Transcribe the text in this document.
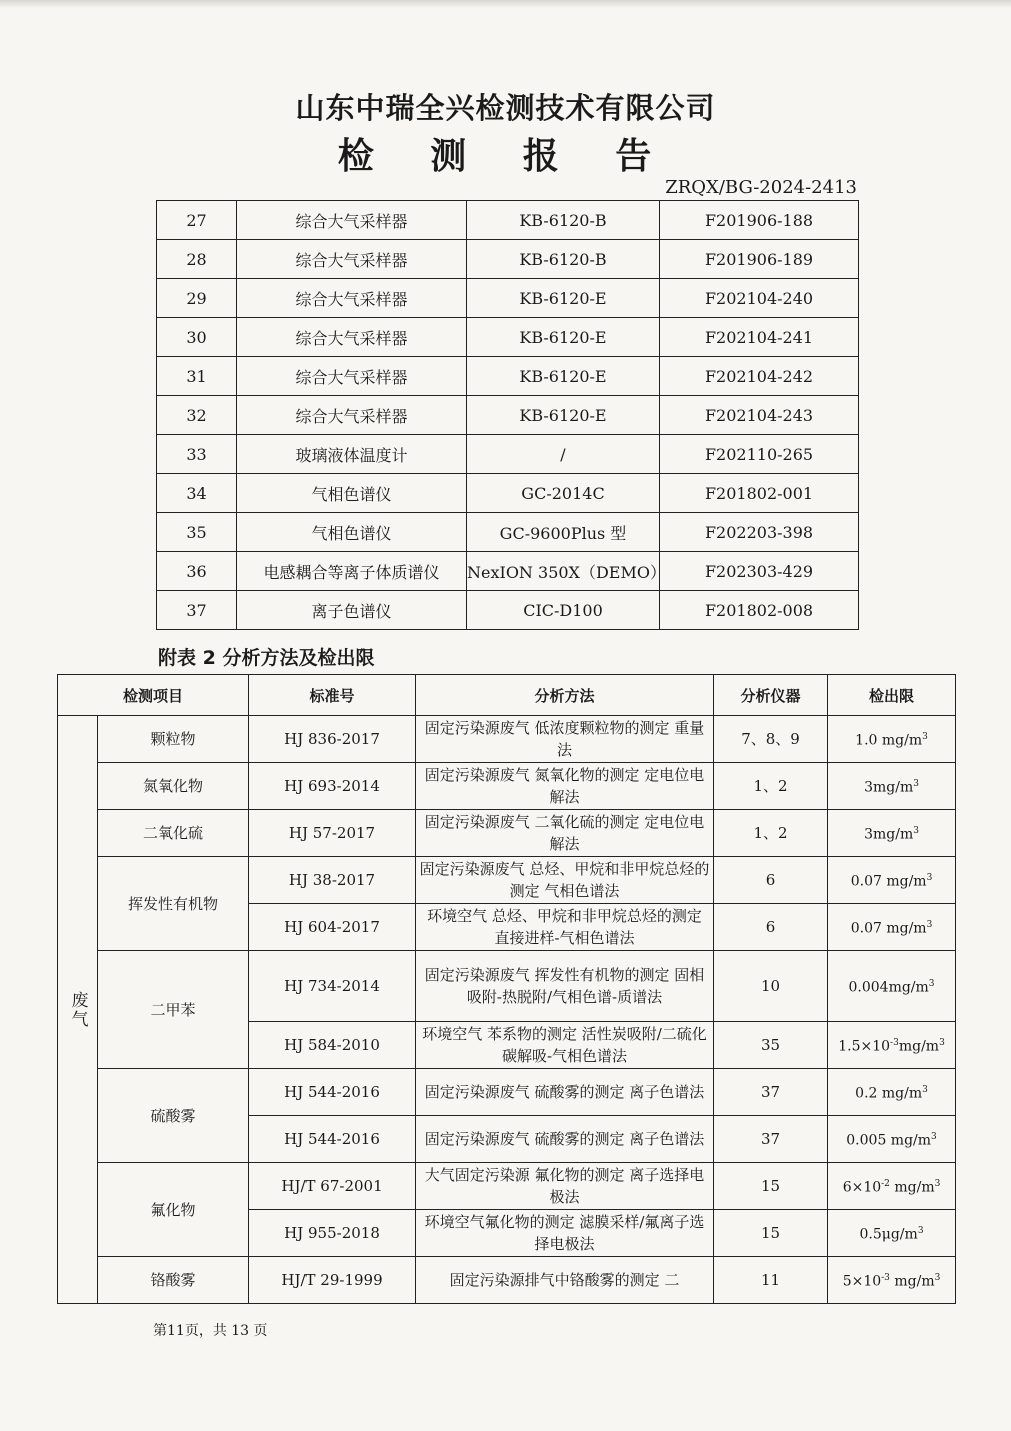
山东中瑞全兴检测技术有限公司
检 测 报 告
ZRQX/BG-2024-2413
27	综合大气采样器	KB-6120-B	F201906-188
28	综合大气采样器	KB-6120-B	F201906-189
29	综合大气采样器	KB-6120-E	F202104-240
30	综合大气采样器	KB-6120-E	F202104-241
31	综合大气采样器	KB-6120-E	F202104-242
32	综合大气采样器	KB-6120-E	F202104-243
33	玻璃液体温度计	/	F202110-265
34	气相色谱仪	GC-2014C	F201802-001
35	气相色谱仪	GC-9600Plus 型	F202203-398
36	电感耦合等离子体质谱仪	NexION 350X（DEMO）	F202303-429
37	离子色谱仪	CIC-D100	F201802-008
附表 2 分析方法及检出限
检测项目		标准号	分析方法	分析仪器	检出限
废气	颗粒物	HJ 836-2017	固定污染源废气 低浓度颗粒物的测定 重量法	7、8、9	1.0 $mg/m^3$
	氮氧化物	HJ 693-2014	固定污染源废气 氮氧化物的测定 定电位电解法	1、2	$3mg/m^3$
	二氧化硫	HJ 57-2017	固定污染源废气 二氧化硫的测定 定电位电解法	1、2	$3mg/m^3$
	挥发性有机物	HJ 38-2017	固定污染源废气 总烃、甲烷和非甲烷总烃的测定 气相色谱法	6	0.07 $mg/m^3$
		HJ 604-2017	环境空气 总烃、甲烷和非甲烷总烃的测定 直接进样-气相色谱法	6	0.07 $mg/m^3$
	二甲苯	HJ 734-2014	固定污染源废气 挥发性有机物的测定 固相吸附-热脱附/气相色谱-质谱法	10	$0.004mg/m^3$
		HJ 584-2010	环境空气 苯系物的测定 活性炭吸附/二硫化碳解吸-气相色谱法	35	$1.5\times 10^{-3}mg/m^3$
	硫酸雾	HJ 544-2016	固定污染源废气 硫酸雾的测定 离子色谱法	37	0.2 $mg/m^3$
		HJ 544-2016	固定污染源废气 硫酸雾的测定 离子色谱法	37	0.005 $mg/m^3$
	氟化物	HJ/T 67-2001	大气固定污染源 氟化物的测定 离子选择电极法	15	$6\times 10^{-2}$ $mg/m^3$
		HJ 955-2018	环境空气氟化物的测定 滤膜采样/氟离子选择电极法	15	$0.5\mu g/m^3$
	铬酸雾	HJ/T 29-1999	固定污染源排气中铬酸雾的测定 二	11	$5\times 10^{-3}$ $mg/m^3$
第11页，共 13 页
